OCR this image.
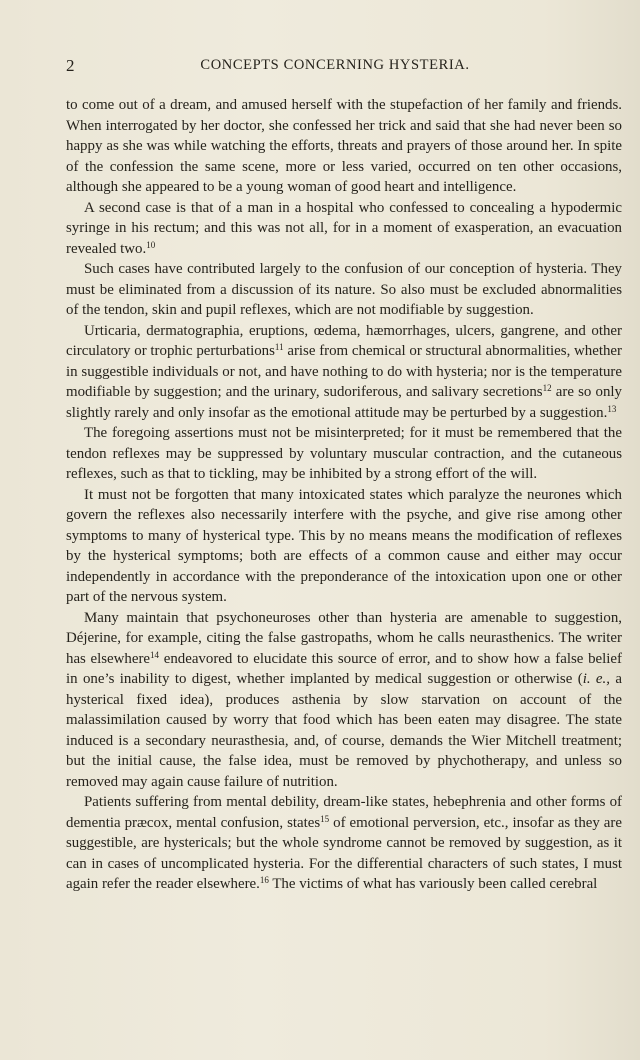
2	CONCEPTS CONCERNING HYSTERIA.

to come out of a dream, and amused herself with the stupefaction of her family and friends. When interrogated by her doctor, she confessed her trick and said that she had never been so happy as she was while watching the efforts, threats and prayers of those around her. In spite of the confession the same scene, more or less varied, occurred on ten other occasions, although she appeared to be a young woman of good heart and intelligence.

A second case is that of a man in a hospital who confessed to concealing a hypodermic syringe in his rectum; and this was not all, for in a moment of exasperation, an evacuation revealed two.$^{10}$

Such cases have contributed largely to the confusion of our conception of hysteria. They must be eliminated from a discussion of its nature. So also must be excluded abnormalities of the tendon, skin and pupil reflexes, which are not modifiable by suggestion.

Urticaria, dermatographia, eruptions, œdema, hæmorrhages, ulcers, gangrene, and other circulatory or trophic perturbations$^{11}$ arise from chemical or structural abnormalities, whether in suggestible individuals or not, and have nothing to do with hysteria; nor is the temperature modifiable by suggestion; and the urinary, sudoriferous, and salivary secretions$^{12}$ are so only slightly rarely and only insofar as the emotional attitude may be perturbed by a suggestion.$^{13}$

The foregoing assertions must not be misinterpreted; for it must be remembered that the tendon reflexes may be suppressed by voluntary muscular contraction, and the cutaneous reflexes, such as that to tickling, may be inhibited by a strong effort of the will.

It must not be forgotten that many intoxicated states which paralyze the neurones which govern the reflexes also necessarily interfere with the psyche, and give rise among other symptoms to many of hysterical type. This by no means means the modification of reflexes by the hysterical symptoms; both are effects of a common cause and either may occur independently in accordance with the preponderance of the intoxication upon one or other part of the nervous system.

Many maintain that psychoneuroses other than hysteria are amenable to suggestion, Déjerine, for example, citing the false gastropaths, whom he calls neurasthenics. The writer has elsewhere$^{14}$ endeavored to elucidate this source of error, and to show how a false belief in one’s inability to digest, whether implanted by medical suggestion or otherwise (i. e., a hysterical fixed idea), produces asthenia by slow starvation on account of the malassimilation caused by worry that food which has been eaten may disagree. The state induced is a secondary neurasthesia, and, of course, demands the Wier Mitchell treatment; but the initial cause, the false idea, must be removed by phychotherapy, and unless so removed may again cause failure of nutrition.

Patients suffering from mental debility, dream-like states, hebephrenia and other forms of dementia præcox, mental confusion, states$^{15}$ of emotional perversion, etc., insofar as they are suggestible, are hystericals; but the whole syndrome cannot be removed by suggestion, as it can in cases of uncomplicated hysteria. For the differential characters of such states, I must again refer the reader elsewhere.$^{16}$ The victims of what has variously been called cerebral
